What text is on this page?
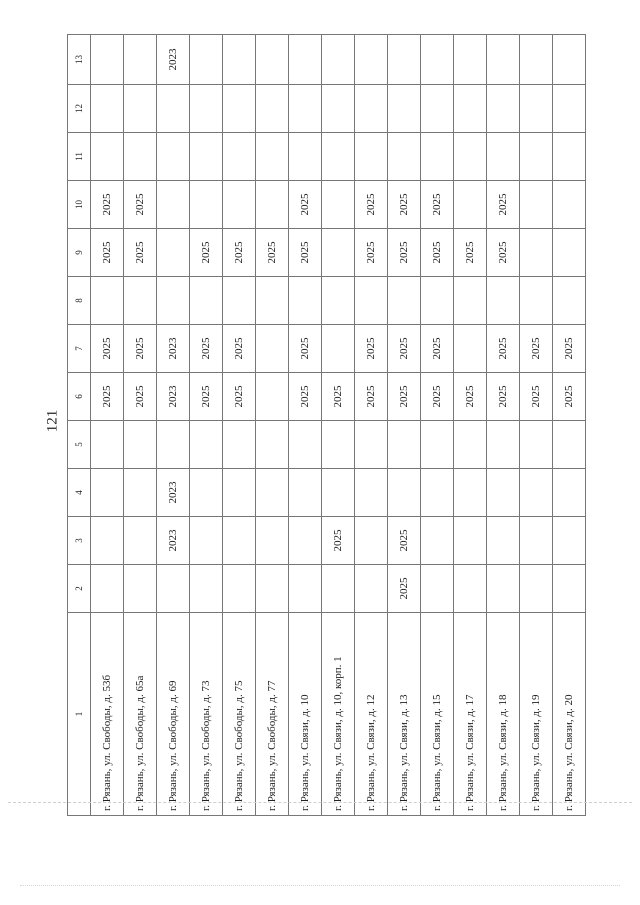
121
1	2	3	4	5	6	7	8	9	10	11	12	13
г. Рязань, ул. Свободы, д. 53б					2025	2025		2025	2025			
г. Рязань, ул. Свободы, д. 65а					2025	2025		2025	2025			
г. Рязань, ул. Свободы, д. 69		2023	2023		2023	2023						2023
г. Рязань, ул. Свободы, д. 73					2025	2025		2025				
г. Рязань, ул. Свободы, д. 75					2025	2025		2025				
г. Рязань, ул. Свободы, д. 77								2025				
г. Рязань, ул. Связи, д. 10					2025	2025		2025	2025			
г. Рязань, ул. Связи, д. 10, корп. 1		2025			2025							
г. Рязань, ул. Связи, д. 12					2025	2025		2025	2025			
г. Рязань, ул. Связи, д. 13	2025	2025			2025	2025		2025	2025			
г. Рязань, ул. Связи, д. 15					2025	2025		2025	2025			
г. Рязань, ул. Связи, д. 17					2025			2025				
г. Рязань, ул. Связи, д. 18					2025	2025		2025	2025			
г. Рязань, ул. Связи, д. 19					2025	2025						
г. Рязань, ул. Связи, д. 20					2025	2025						
